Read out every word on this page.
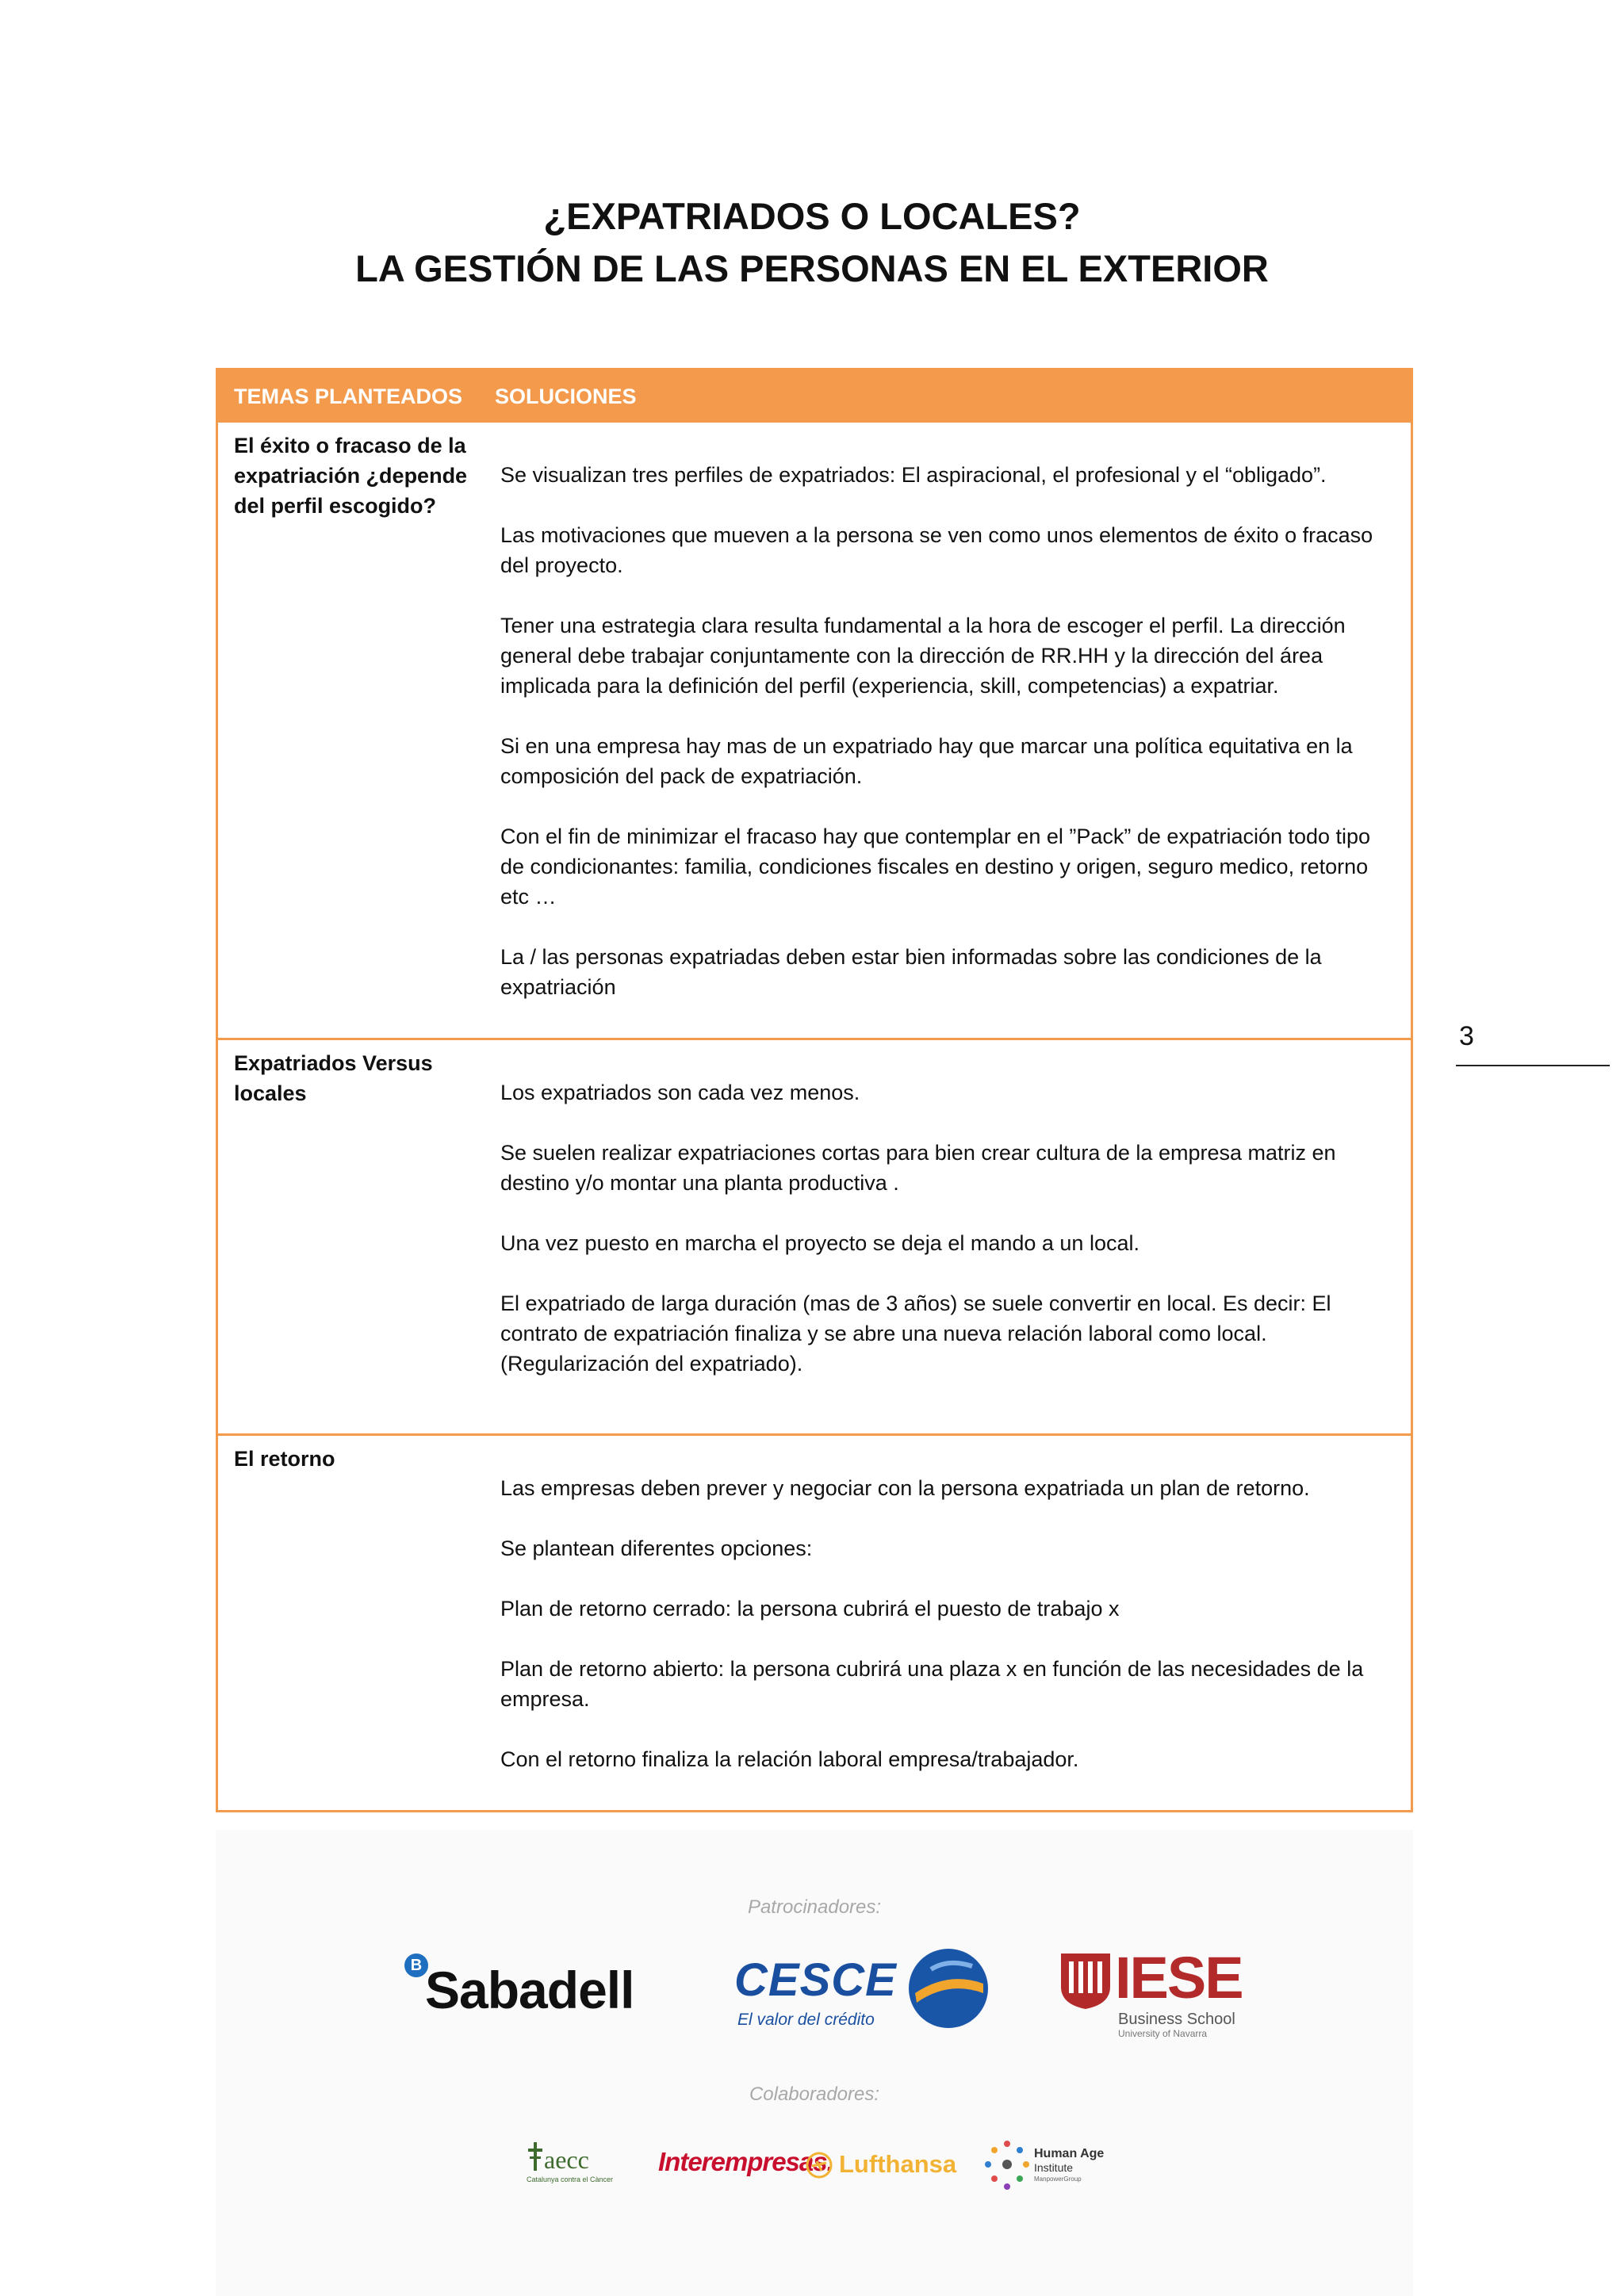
¿EXPATRIADOS O LOCALES?
LA GESTIÓN DE LAS PERSONAS EN EL EXTERIOR
TEMAS PLANTEADOS SOLUCIONES
El éxito o fracaso de la expatriación ¿depende del perfil escogido?

Se visualizan tres perfiles de expatriados: El aspiracional, el profesional y el “obligado”.

Las motivaciones que mueven a la persona se ven como unos elementos de éxito o fracaso del proyecto.

Tener una estrategia clara resulta fundamental a la hora de escoger el perfil. La dirección general debe trabajar conjuntamente con la dirección de RR.HH y la dirección del área implicada para la definición del perfil (experiencia, skill, competencias) a expatriar.

Si en una empresa hay mas de un expatriado hay que marcar una política equitativa en la composición del pack de expatriación.

Con el fin de minimizar el fracaso hay que contemplar en el ”Pack” de expatriación todo tipo de condicionantes: familia, condiciones fiscales en destino y origen, seguro medico, retorno etc …

La / las personas expatriadas deben estar bien informadas sobre las condiciones de la expatriación

Expatriados Versus locales	Los expatriados son cada vez menos.

Se suelen realizar expatriaciones cortas para bien crear cultura de la empresa matriz en destino y/o montar una planta productiva .

Una vez puesto en marcha el proyecto se deja el mando a un local.

El expatriado de larga duración (mas de 3 años) se suele convertir en local. Es decir: El contrato de expatriación finaliza y se abre una nueva relación laboral como local. (Regularización del expatriado).

El retorno

Las empresas deben prever y negociar con la persona expatriada un plan de retorno.

Se plantean diferentes opciones:

Plan de retorno cerrado: la persona cubrirá el puesto de trabajo x

Plan de retorno abierto: la persona cubrirá una plaza x en función de las necesidades de la empresa.

Con el retorno finaliza la relación laboral empresa/trabajador.

3
Patrocinadores:
B Sabadell CESCE
El valor del crédito
IESE
Business School
University of Navarra
Colaboradores:
aecc
Catalunya contra el Càncer
Interempresas. Lufthansa	Human Age
Institute
ManpowerGroup
